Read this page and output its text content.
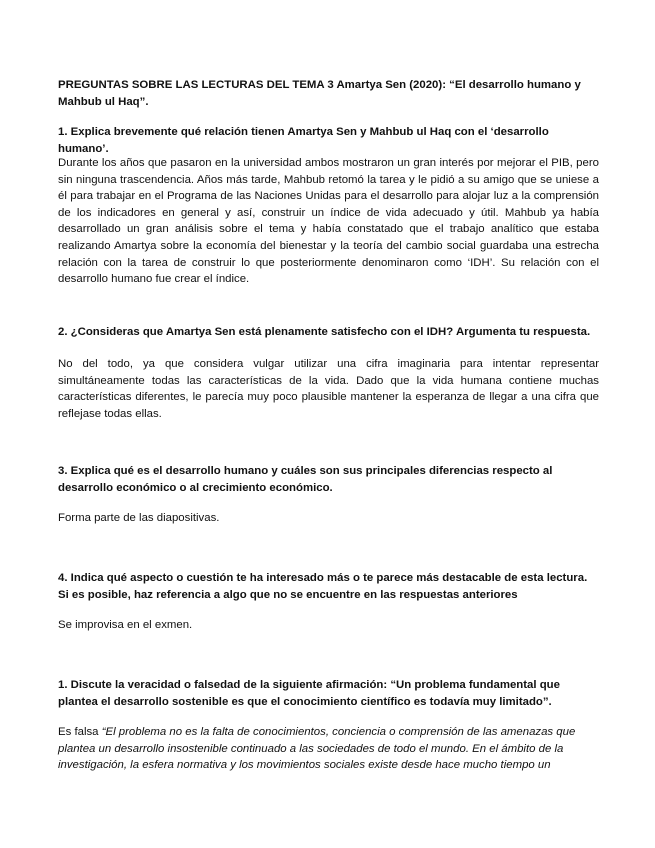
PREGUNTAS SOBRE LAS LECTURAS DEL TEMA 3 Amartya Sen (2020): “El desarrollo humano y Mahbub ul Haq”.

1. Explica brevemente qué relación tienen Amartya Sen y Mahbub ul Haq con el ‘desarrollo humano’.

Durante los años que pasaron en la universidad ambos mostraron un gran interés por mejorar el PIB, pero sin ninguna trascendencia. Años más tarde, Mahbub retomó la tarea y le pidió a su amigo que se uniese a él para trabajar en el Programa de las Naciones Unidas para el desarrollo para alojar luz a la comprensión de los indicadores en general y así, construir un índice de vida adecuado y útil. Mahbub ya había desarrollado un gran análisis sobre el tema y había constatado que el trabajo analítico que estaba realizando Amartya sobre la economía del bienestar y la teoría del cambio social guardaba una estrecha relación con la tarea de construir lo que posteriormente denominaron como ‘IDH’. Su relación con el desarrollo humano fue crear el índice.

2. ¿Consideras que Amartya Sen está plenamente satisfecho con el IDH? Argumenta tu respuesta.

No del todo, ya que considera vulgar utilizar una cifra imaginaria para intentar representar simultáneamente todas las características de la vida. Dado que la vida humana contiene muchas características diferentes, le parecía muy poco plausible mantener la esperanza de llegar a una cifra que reflejase todas ellas.

3. Explica qué es el desarrollo humano y cuáles son sus principales diferencias respecto al desarrollo económico o al crecimiento económico.

Forma parte de las diapositivas.

4. Indica qué aspecto o cuestión te ha interesado más o te parece más destacable de esta lectura. Si es posible, haz referencia a algo que no se encuentre en las respuestas anteriores

Se improvisa en el exmen.

1. Discute la veracidad o falsedad de la siguiente afirmación: “Un problema fundamental que plantea el desarrollo sostenible es que el conocimiento científico es todavía muy limitado”.

Es falsa “El problema no es la falta de conocimientos, conciencia o comprensión de las amenazas que plantea un desarrollo insostenible continuado a las sociedades de todo el mundo. En el ámbito de la investigación, la esfera normativa y los movimientos sociales existe desde hace mucho tiempo un
